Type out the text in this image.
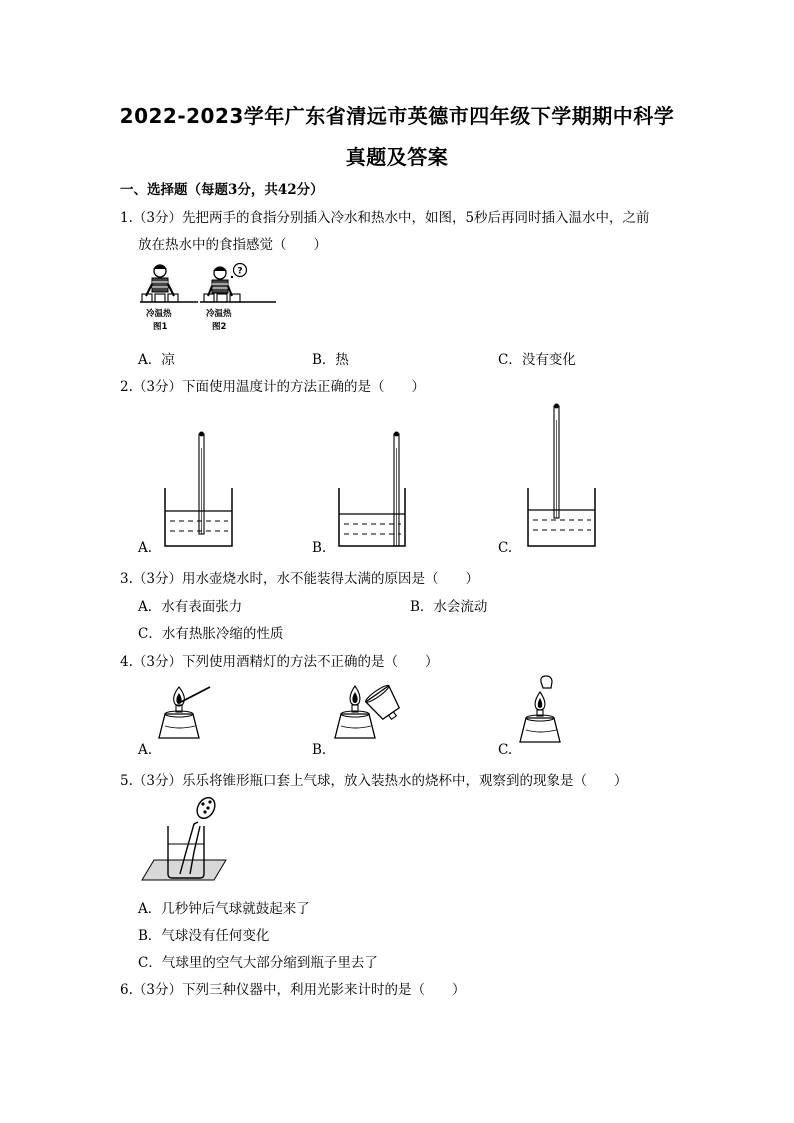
2022-2023学年广东省清远市英德市四年级下学期期中科学
真题及答案
一、选择题（每题3分，共42分）
1.（3分）先把两手的食指分别插入冷水和热水中，如图，5秒后再同时插入温水中，之前
放在热水中的食指感觉（　　）
?
冷温热
图1
冷温热
图2
A．凉	B．热	C．没有变化
2.（3分）下面使用温度计的方法正确的是（　　）
A.	B.	C.
3.（3分）用水壶烧水时，水不能装得太满的原因是（　　）
A．水有表面张力	B．水会流动
C．水有热胀冷缩的性质
4.（3分）下列使用酒精灯的方法不正确的是（　　）
A.	B.	C.
5.（3分）乐乐将锥形瓶口套上气球，放入装热水的烧杯中，观察到的现象是（　　）
A．几秒钟后气球就鼓起来了
B．气球没有任何变化
C．气球里的空气大部分缩到瓶子里去了
6.（3分）下列三种仪器中，利用光影来计时的是（　　）
